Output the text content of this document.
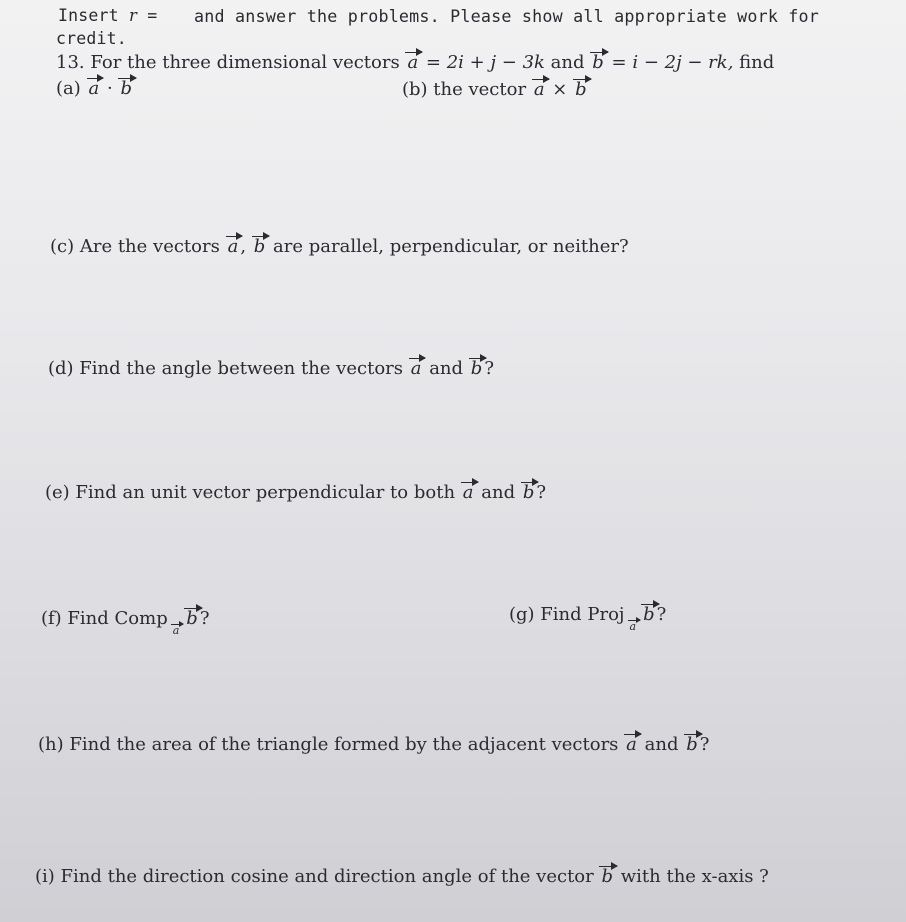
Insert r = and answer the problems. Please show all appropriate work for
credit.
13. For the three dimensional vectors a = 2i + j − 3k and b = i − 2j − rk, find
(a) a · b	(b) the vector a × b
(c) Are the vectors a , b are parallel, perpendicular, or neither?
(d) Find the angle between the vectors a and b ?
(e) Find an unit vector perpendicular to both a and b ?
(f) Find Comp$_a$b ?	(g) Find Proj$_a$b ?
(h) Find the area of the triangle formed by the adjacent vectors a and b ?
(i) Find the direction cosine and direction angle of the vector b with the x-axis ?
